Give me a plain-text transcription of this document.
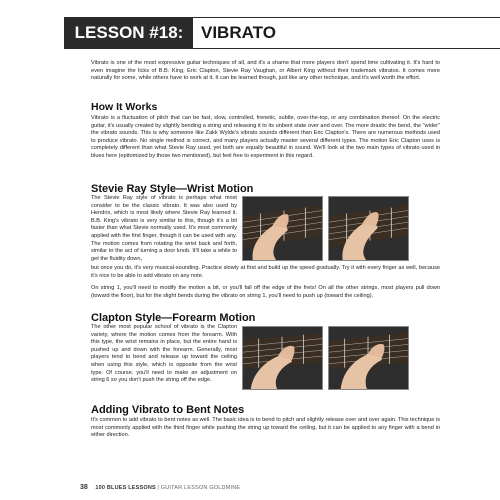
LESSON #18:	VIBRATO
Vibrato is one of the most expressive guitar techniques of all, and it's a shame that more players don't spend time cultivating it. It's hard to even imagine the licks of B.B. King, Eric Clapton, Stevie Ray Vaughan, or Albert King without their trademark vibratos. It comes more naturally for some, while others have to work at it. It can be learned though, just like any other technique, and it's well worth the effort.
How It Works
Vibrato is a fluctuation of pitch that can be fast, slow, controlled, frenetic, subtle, over-the-top, or any combination thereof. On the electric guitar, it's usually created by slightly bending a string and releasing it to its unbent state over and over. The more drastic the bend, the "wider" the vibrato sounds. This is why someone like Zakk Wylde's vibrato sounds different than Eric Clapton's. There are numerous methods used to produce vibrato. No single method is correct, and many players actually master several different types. The motion Eric Clapton uses is completely different than what Stevie Ray used, yet both are equally beautiful in sound. We'll look at the two main types of vibrato used in blues here (epitomized by those two mentioned), but feel free to experiment in this regard.
Stevie Ray Style—Wrist Motion
The Stevie Ray style of vibrato is perhaps what most consider to be the classic vibrato. It was also used by Hendrix, which is most likely where Stevie Ray learned it. B.B. King's vibrato is very similar to this, though it's a bit faster than what Stevie normally used. It's most commonly applied with the first finger, though it can be used with any. The motion comes from rotating the wrist back and forth, similar to the act of turning a door knob. It'll take a while to get the fluidity down,
but once you do, it's very musical-sounding. Practice slowly at first and build up the speed gradually. Try it with every finger as well, because it's nice to be able to add vibrato on any note.
On string 1, you'll need to modify the motion a bit, or you'll fall off the edge of the frets! On all the other strings, most players pull down (toward the floor), but for the slight bends during the vibrato on string 1, you'll need to push up (toward the ceiling).
Clapton Style—Forearm Motion
The other most popular school of vibrato is the Clapton variety, where the motion comes from the forearm. With this type, the wrist remains in place, but the entire hand is pushed up and down with the forearm. Generally, most players tend to bend and release up toward the ceiling when using this style, which is opposite from the wrist type. Of course, you'll need to make an adjustment on string 6 so you don't push the string off the edge.
Adding Vibrato to Bent Notes
It's common to add vibrato to bent notes as well. The basic idea is to bend to pitch and slightly release over and over again. This technique is most commonly applied with the third finger while pushing the string up toward the ceiling, but it can be applied to any finger with a bend in either direction.
38 100 BLUES LESSONS | GUITAR LESSON GOLDMINE
